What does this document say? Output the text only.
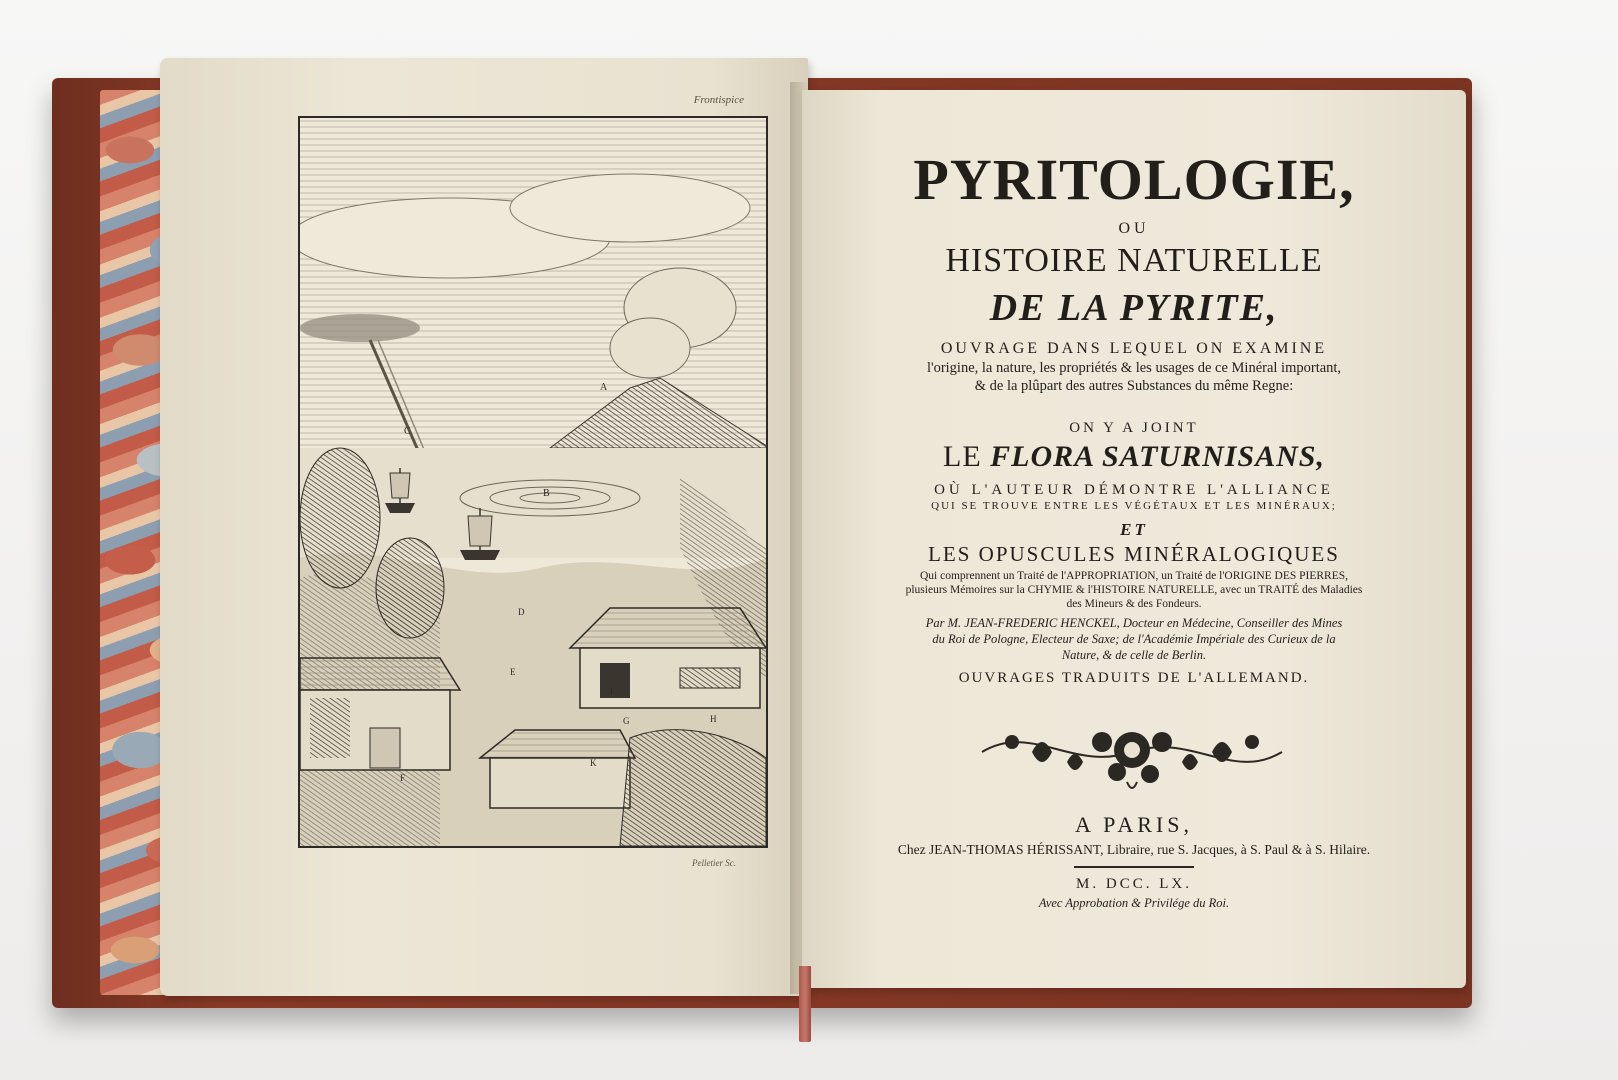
Frontispice
A
B
C
D
E
F
G	H
I
K
Pelletier Sc.
PYRITOLOGIE,
OU
HISTOIRE NATURELLE
DE LA PYRITE,
OUVRAGE DANS LEQUEL ON EXAMINE
l'origine, la nature, les propriétés & les usages de ce Minéral important,
& de la plûpart des autres Substances du même Regne:
ON Y A JOINT
LE FLORA SATURNISANS,
OÙ L'AUTEUR DÉMONTRE L'ALLIANCE
QUI SE TROUVE ENTRE LES VÉGÉTAUX ET LES MINÉRAUX;
ET
LES OPUSCULES MINÉRALOGIQUES
Qui comprennent un Traité de l'APPROPRIATION, un Traité de l'ORIGINE DES PIERRES,
plusieurs Mémoires sur la CHYMIE & l'HISTOIRE NATURELLE, avec un TRAITÉ des Maladies
des Mineurs & des Fondeurs.
Par M. JEAN-FREDERIC HENCKEL, Docteur en Médecine, Conseiller des Mines
du Roi de Pologne, Electeur de Saxe; de l'Académie Impériale des Curieux de la
Nature, & de celle de Berlin.
OUVRAGES TRADUITS DE L'ALLEMAND.
A PARIS,
Chez JEAN-THOMAS HÉRISSANT, Libraire, rue S. Jacques, à S. Paul & à S. Hilaire.
M. DCC. LX.
Avec Approbation & Privilége du Roi.
